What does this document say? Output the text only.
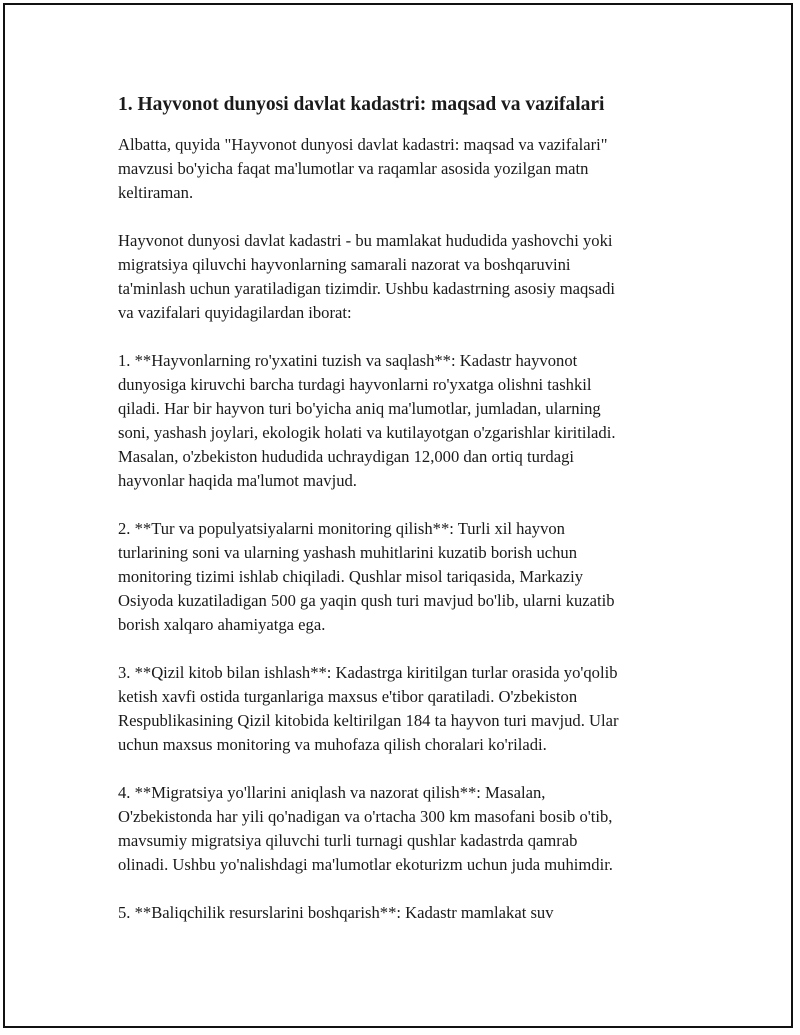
1. Hayvonot dunyosi davlat kadastri: maqsad va vazifalari
Albatta, quyida "Hayvonot dunyosi davlat kadastri: maqsad va vazifalari"
mavzusi bo'yicha faqat ma'lumotlar va raqamlar asosida yozilgan matn
keltiraman.
Hayvonot dunyosi davlat kadastri - bu mamlakat hududida yashovchi yoki
migratsiya qiluvchi hayvonlarning samarali nazorat va boshqaruvini
ta'minlash uchun yaratiladigan tizimdir. Ushbu kadastrning asosiy maqsadi
va vazifalari quyidagilardan iborat:
1. **Hayvonlarning ro'yxatini tuzish va saqlash**: Kadastr hayvonot
dunyosiga kiruvchi barcha turdagi hayvonlarni ro'yxatga olishni tashkil
qiladi. Har bir hayvon turi bo'yicha aniq ma'lumotlar, jumladan, ularning
soni, yashash joylari, ekologik holati va kutilayotgan o'zgarishlar kiritiladi.
Masalan, o'zbekiston hududida uchraydigan 12,000 dan ortiq turdagi
hayvonlar haqida ma'lumot mavjud.
2. **Tur va populyatsiyalarni monitoring qilish**: Turli xil hayvon
turlarining soni va ularning yashash muhitlarini kuzatib borish uchun
monitoring tizimi ishlab chiqiladi. Qushlar misol tariqasida, Markaziy
Osiyoda kuzatiladigan 500 ga yaqin qush turi mavjud bo'lib, ularni kuzatib
borish xalqaro ahamiyatga ega.
3. **Qizil kitob bilan ishlash**: Kadastrga kiritilgan turlar orasida yo'qolib
ketish xavfi ostida turganlariga maxsus e'tibor qaratiladi. O'zbekiston
Respublikasining Qizil kitobida keltirilgan 184 ta hayvon turi mavjud. Ular
uchun maxsus monitoring va muhofaza qilish choralari ko'riladi.
4. **Migratsiya yo'llarini aniqlash va nazorat qilish**: Masalan,
O'zbekistonda har yili qo'nadigan va o'rtacha 300 km masofani bosib o'tib,
mavsumiy migratsiya qiluvchi turli turnagi qushlar kadastrda qamrab
olinadi. Ushbu yo'nalishdagi ma'lumotlar ekoturizm uchun juda muhimdir.
5. **Baliqchilik resurslarini boshqarish**: Kadastr mamlakat suv
